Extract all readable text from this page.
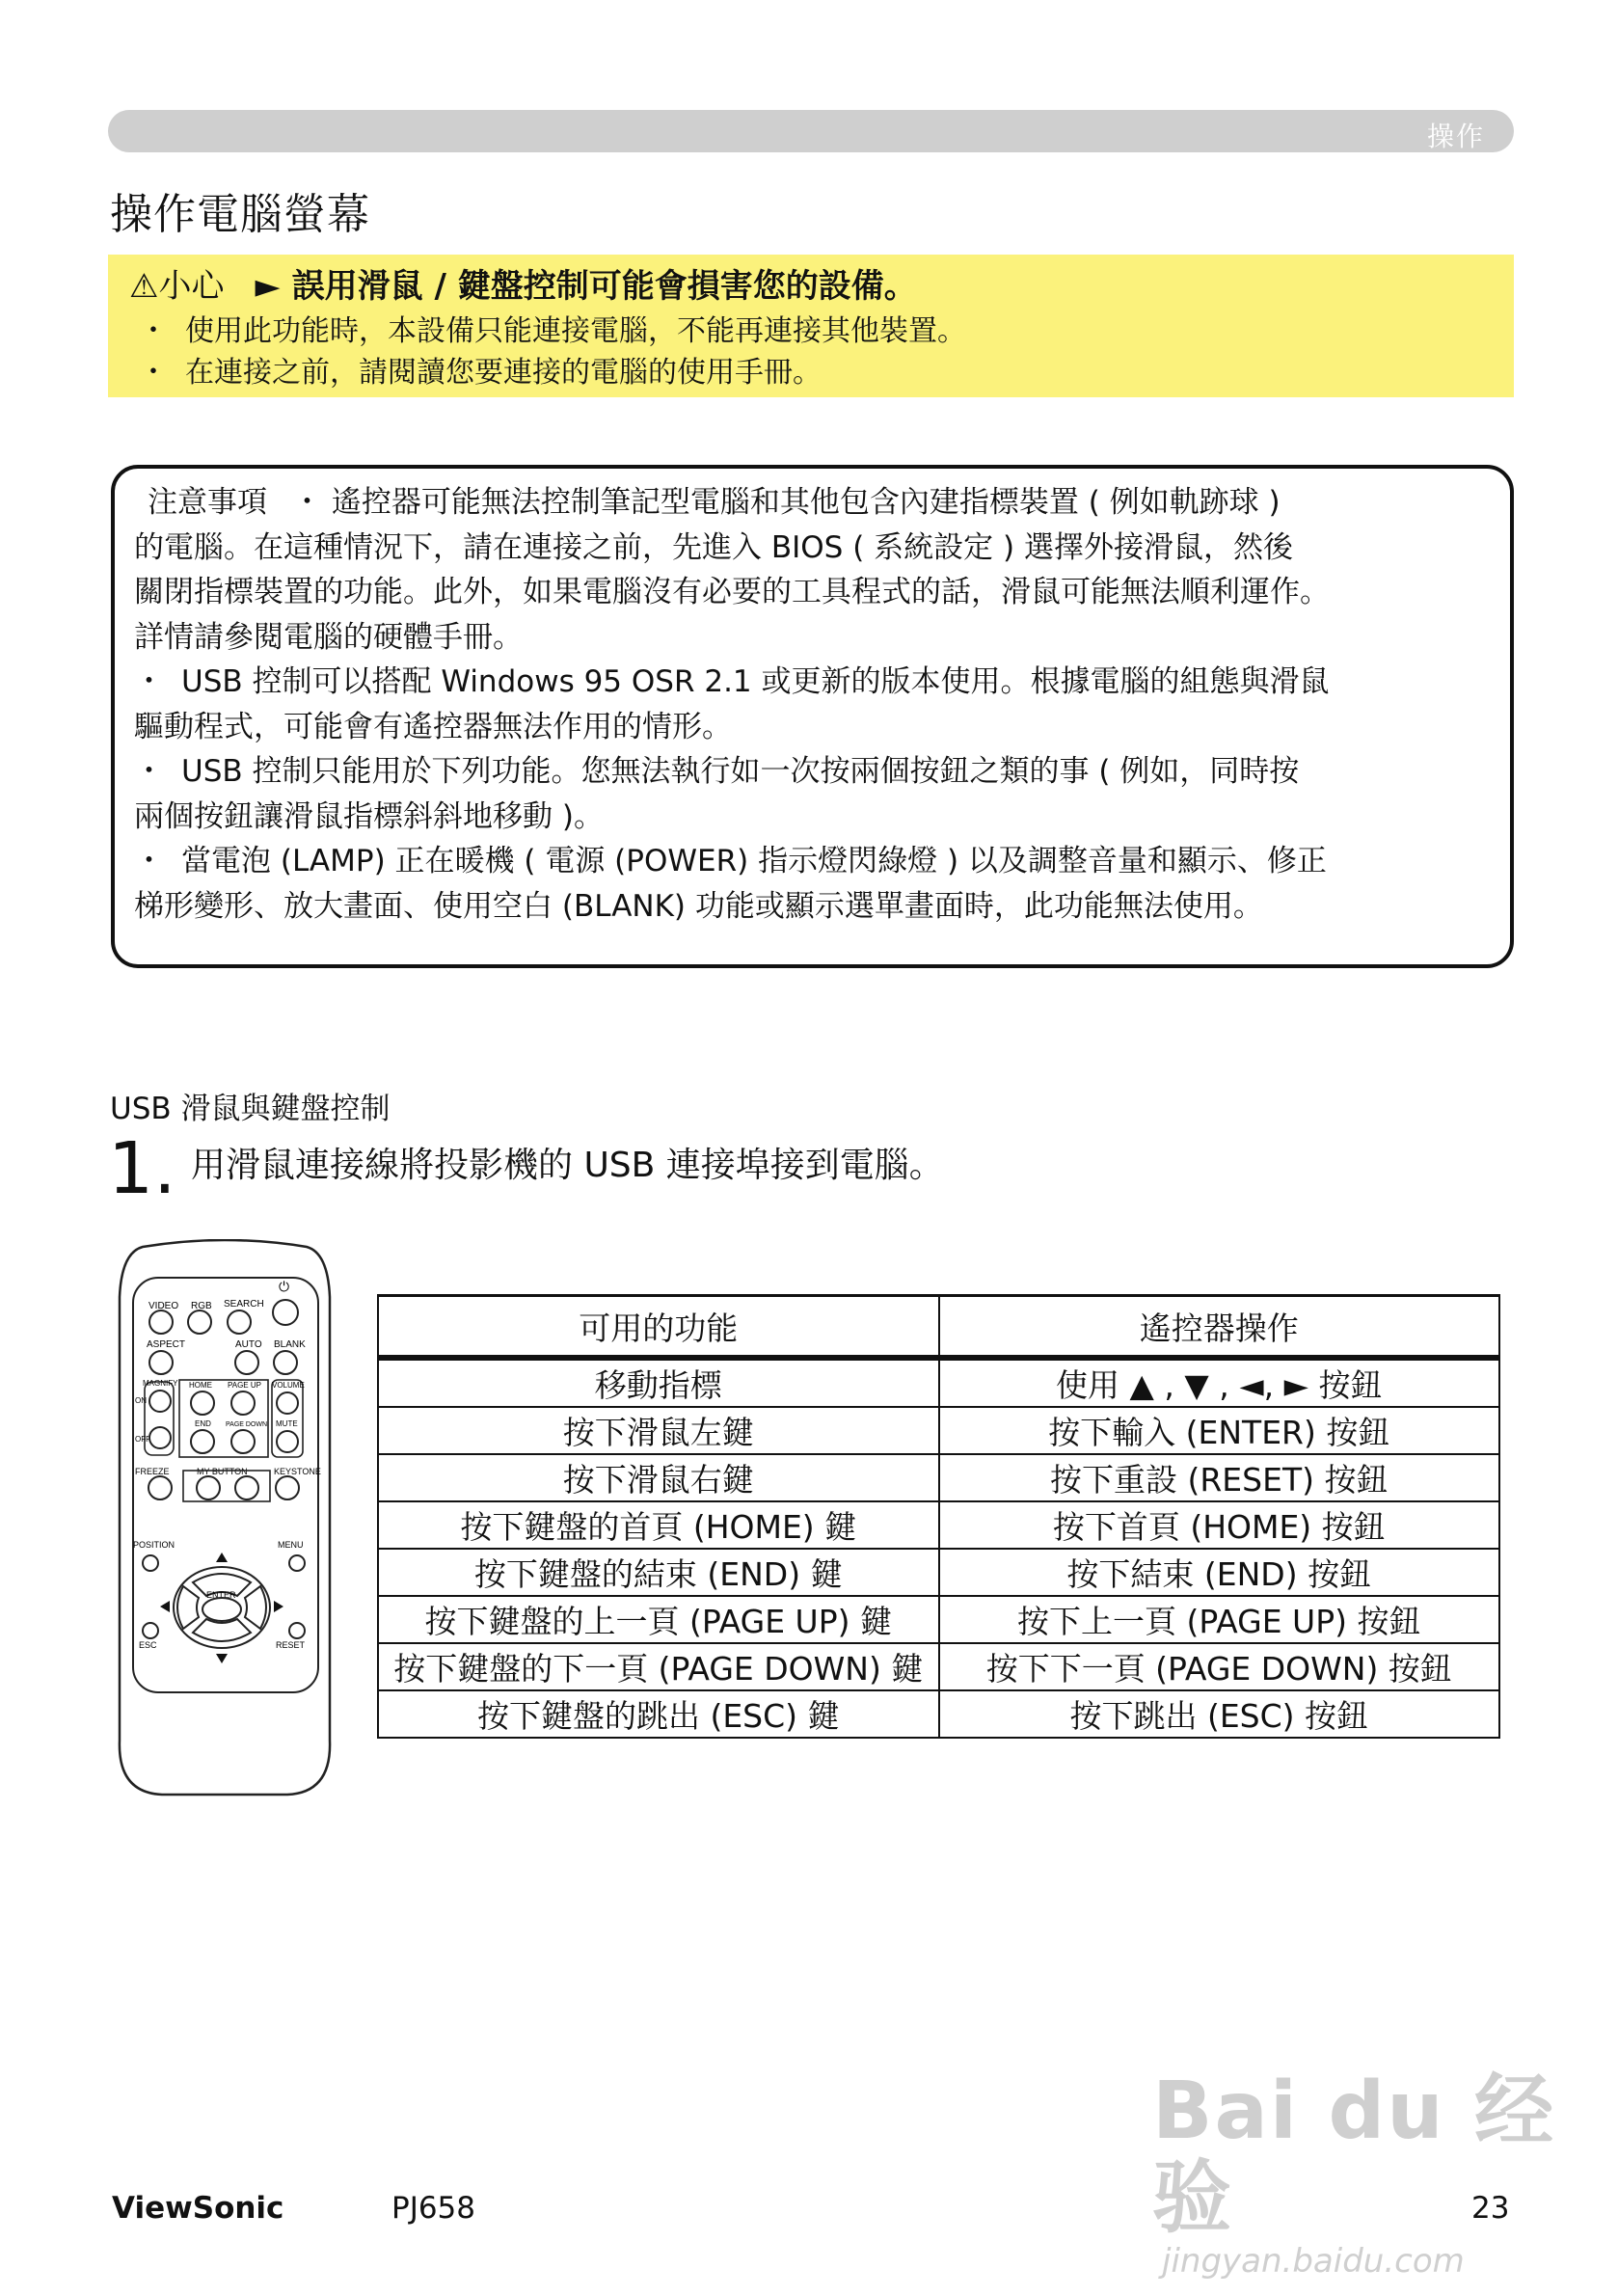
操作
操作電腦螢幕
⚠小心 ► 誤用滑鼠 / 鍵盤控制可能會損害您的設備。
・ 使用此功能時，本設備只能連接電腦，不能再連接其他裝置。
・ 在連接之前，請閱讀您要連接的電腦的使用手冊。

注意事項 ・ 遙控器可能無法控制筆記型電腦和其他包含內建指標裝置 ( 例如軌跡球 )

的電腦。在這種情況下，請在連接之前，先進入 BIOS ( 系統設定 ) 選擇外接滑鼠，然後

關閉指標裝置的功能。此外，如果電腦沒有必要的工具程式的話，滑鼠可能無法順利運作。

詳情請參閱電腦的硬體手冊。

・ USB 控制可以搭配 Windows 95 OSR 2.1 或更新的版本使用。根據電腦的組態與滑鼠

驅動程式，可能會有遙控器無法作用的情形。

・ USB 控制只能用於下列功能。您無法執行如一次按兩個按鈕之類的事 ( 例如，同時按

兩個按鈕讓滑鼠指標斜斜地移動 )。

・ 當電泡 (LAMP) 正在暖機 ( 電源 (POWER) 指示燈閃綠燈 ) 以及調整音量和顯示、修正

梯形變形、放大畫面、使用空白 (BLANK) 功能或顯示選單畫面時，此功能無法使用。

USB 滑鼠與鍵盤控制
1. 用滑鼠連接線將投影機的 USB 連接埠接到電腦。
VIDEO RGB SEARCH
⏻
ASPECT	AUTO BLANK
MAGNIFY
ON
OFF
HOME PAGE UP
END PAGE DOWN
VOLUME
MUTE
FREEZE	MY BUTTON	KEYSTONE
POSITION	MENU
ENTER
ESC	RESET
可用的功能	遙控器操作
移動指標	使用 ▲ , ▼ , ◄, ► 按鈕
按下滑鼠左鍵	按下輸入 (ENTER) 按鈕
按下滑鼠右鍵	按下重設 (RESET) 按鈕
按下鍵盤的首頁 (HOME) 鍵	按下首頁 (HOME) 按鈕
按下鍵盤的結束 (END) 鍵	按下結束 (END) 按鈕
按下鍵盤的上一頁 (PAGE UP) 鍵	按下上一頁 (PAGE UP) 按鈕
按下鍵盤的下一頁 (PAGE DOWN) 鍵	按下下一頁 (PAGE DOWN) 按鈕
按下鍵盤的跳出 (ESC) 鍵	按下跳出 (ESC) 按鈕
Bai du 经验
jingyan.baidu.com
ViewSonic	PJ658	23
